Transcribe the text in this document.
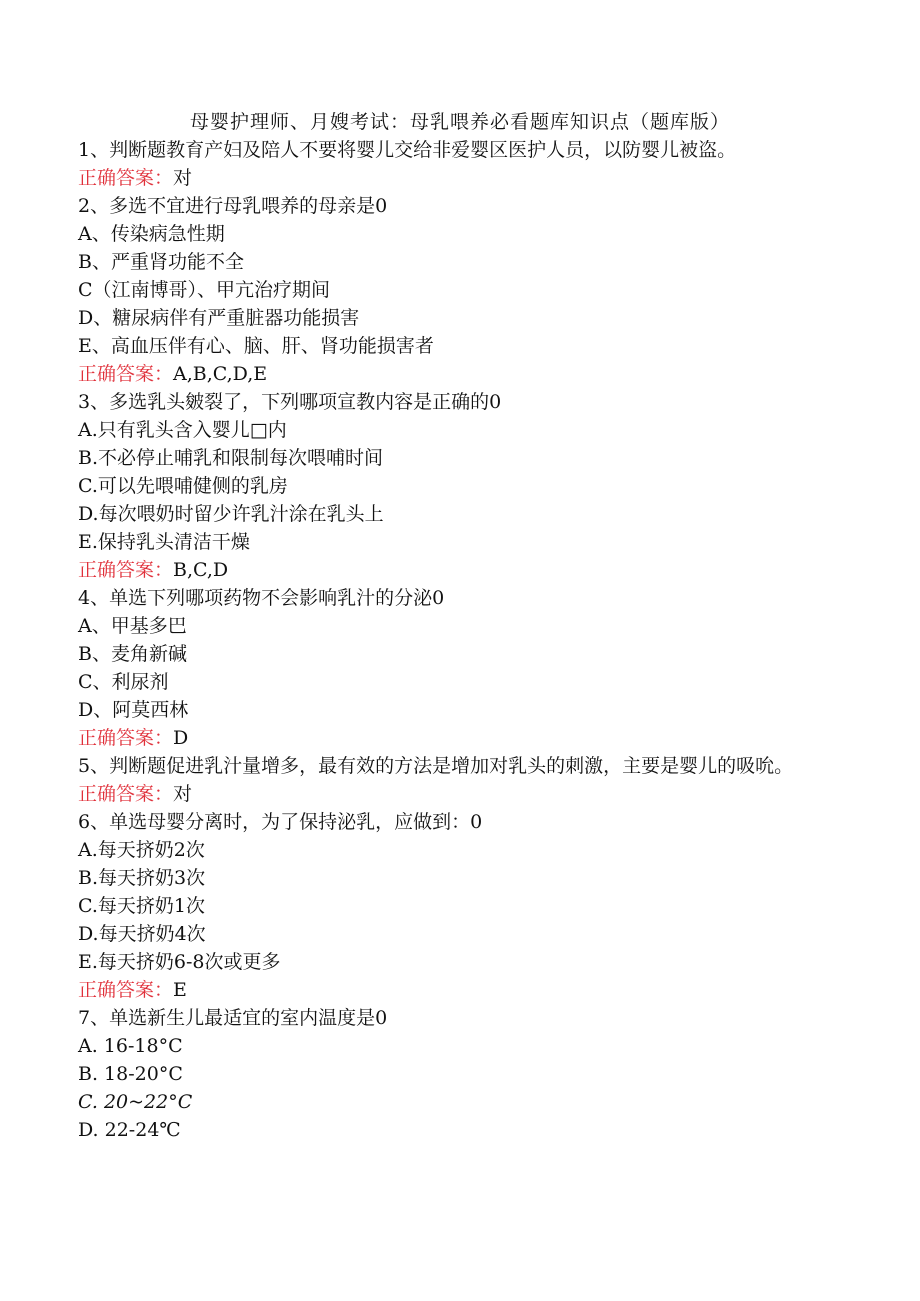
母婴护理师、月嫂考试：母乳喂养必看题库知识点（题库版）
1、判断题教育产妇及陪人不要将婴儿交给非爱婴区医护人员，以防婴儿被盗。
正确答案：对
2、多选不宜进行母乳喂养的母亲是0
A、传染病急性期
B、严重肾功能不全
C（江南博哥）、甲亢治疗期间
D、糖尿病伴有严重脏器功能损害
E、高血压伴有心、脑、肝、肾功能损害者
正确答案：A,B,C,D,E
3、多选乳头皴裂了，下列哪项宣教内容是正确的0
A.只有乳头含入婴儿□内
B.不必停止哺乳和限制每次喂哺时间
C.可以先喂哺健侧的乳房
D.每次喂奶时留少许乳汁涂在乳头上
E.保持乳头清洁干燥
正确答案：B,C,D
4、单选下列哪项药物不会影响乳汁的分泌0
A、甲基多巴
B、麦角新碱
C、利尿剂
D、阿莫西林
正确答案：D
5、判断题促进乳汁量增多，最有效的方法是增加对乳头的刺激，主要是婴儿的吸吮。
正确答案：对
6、单选母婴分离时，为了保持泌乳，应做到：0
A.每天挤奶2次
B.每天挤奶3次
C.每天挤奶1次
D.每天挤奶4次
E.每天挤奶6-8次或更多
正确答案：E
7、单选新生儿最适宜的室内温度是0
A. 16-18°C
B. 18-20°C
C. 20~22°C
D. 22-24℃
